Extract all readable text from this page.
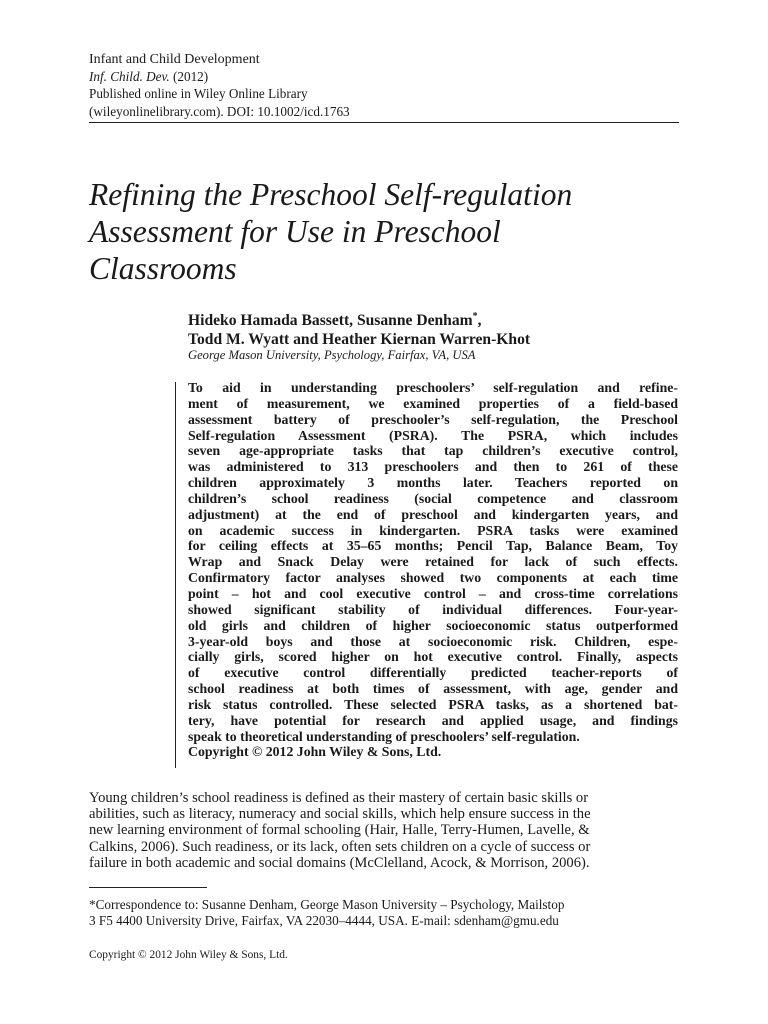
Infant and Child Development
Inf. Child. Dev. (2012)
Published online in Wiley Online Library
(wileyonlinelibrary.com). DOI: 10.1002/icd.1763
Refining the Preschool Self-regulation
Assessment for Use in Preschool
Classrooms
Hideko Hamada Bassett, Susanne Denham*,
Todd M. Wyatt and Heather Kiernan Warren-Khot
George Mason University, Psychology, Fairfax, VA, USA
To aid in understanding preschoolers’ self-regulation and refine-
ment of measurement, we examined properties of a field-based
assessment battery of preschooler’s self-regulation, the Preschool
Self-regulation Assessment (PSRA). The PSRA, which includes
seven age-appropriate tasks that tap children’s executive control,
was administered to 313 preschoolers and then to 261 of these
children approximately 3 months later. Teachers reported on
children’s school readiness (social competence and classroom
adjustment) at the end of preschool and kindergarten years, and
on academic success in kindergarten. PSRA tasks were examined
for ceiling effects at 35–65 months; Pencil Tap, Balance Beam, Toy
Wrap and Snack Delay were retained for lack of such effects.
Confirmatory factor analyses showed two components at each time
point – hot and cool executive control – and cross-time correlations
showed significant stability of individual differences. Four-year-
old girls and children of higher socioeconomic status outperformed
3-year-old boys and those at socioeconomic risk. Children, espe-
cially girls, scored higher on hot executive control. Finally, aspects
of executive control differentially predicted teacher-reports of
school readiness at both times of assessment, with age, gender and
risk status controlled. These selected PSRA tasks, as a shortened bat-
tery, have potential for research and applied usage, and findings
speak to theoretical understanding of preschoolers’ self-regulation.
Copyright © 2012 John Wiley & Sons, Ltd.
Young children’s school readiness is defined as their mastery of certain basic skills or
abilities, such as literacy, numeracy and social skills, which help ensure success in the
new learning environment of formal schooling (Hair, Halle, Terry-Humen, Lavelle, &
Calkins, 2006). Such readiness, or its lack, often sets children on a cycle of success or
failure in both academic and social domains (McClelland, Acock, & Morrison, 2006).
*Correspondence to: Susanne Denham, George Mason University – Psychology, Mailstop
3 F5 4400 University Drive, Fairfax, VA 22030–4444, USA. E-mail: sdenham@gmu.edu
Copyright © 2012 John Wiley & Sons, Ltd.
